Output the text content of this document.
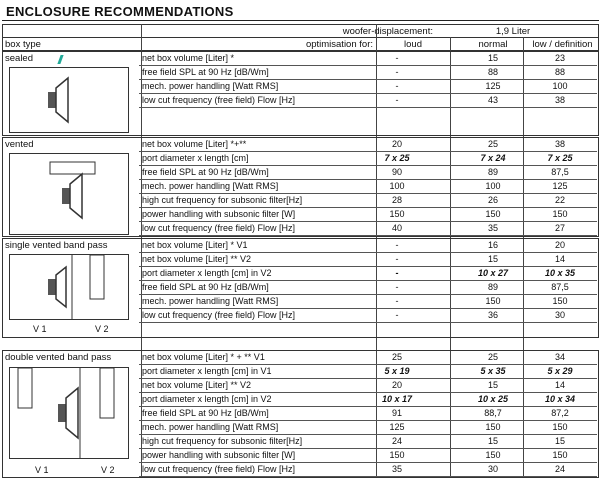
ENCLOSURE RECOMMENDATIONS
woofer-displacement:	1,9 Liter
box type	optimisation for:	loud	normal	low / definition
sealed
vented
single vented band pass
V 1	V 2
double vented band pass
V 1	V 2
net box volume [Liter] *	-	15	23
free field SPL at 90 Hz [dB/Wm]	-	88	88
mech. power handling [Watt RMS]	-	125	100
low cut frequency (free field) Flow [Hz]	-	43	38
net box volume [Liter] *+**	20	25	38
port diameter x length [cm]	7 x 25	7 x 24	7 x 25
free field SPL at 90 Hz [dB/Wm]	90	89	87,5
mech. power handling [Watt RMS]	100	100	125
high cut frequency for subsonic filter[Hz]	28	26	22
power handling with subsonic filter [W]	150	150	150
low cut frequency (free field) Flow [Hz]	40	35	27
net box volume [Liter] * V1	-	16	20
net box volume [Liter] ** V2	-	15	14
port diameter x length [cm] in V2	-	10 x 27	10 x 35
free field SPL at 90 Hz [dB/Wm]	-	89	87,5
mech. power handling [Watt RMS]	-	150	150
low cut frequency (free field) Flow [Hz]	-	36	30
net box volume [Liter] * + ** V1	25	25	34
port diameter x length [cm] in V1	5 x 19	5 x 35	5 x 29
net box volume [Liter] ** V2	20	15	14
port diameter x length [cm] in V2	10 x 17	10 x 25	10 x 34
free field SPL at 90 Hz [dB/Wm]	91	88,7	87,2
mech. power handling [Watt RMS]	125	150	150
high cut frequency for subsonic filter[Hz]	24	15	15
power handling with subsonic filter [W]	150	150	150
low cut frequency (free field) Flow [Hz]	35	30	24
